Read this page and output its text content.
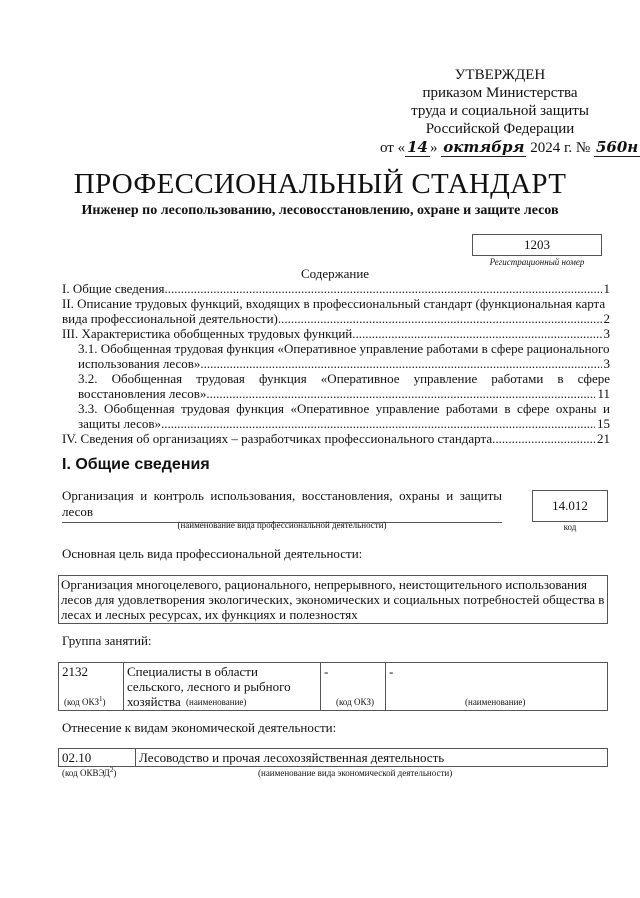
УТВЕРЖДЕН
приказом Министерства
труда и социальной защиты
Российской Федерации
от « 14 » октября 2024 г. № 560н
ПРОФЕССИОНАЛЬНЫЙ СТАНДАРТ
Инженер по лесопользованию, лесовосстановлению, охране и защите лесов
1203
Регистрационный номер
Содержание
I. Общие сведения .....	1
II. Описание трудовых функций, входящих в профессиональный стандарт (функциональная карта
вида профессиональной деятельности) .....	2
III. Характеристика обобщенных трудовых функций .....	3
3.1. Обобщенная трудовая функция «Оперативное управление работами в сфере рационального
использования лесов» .....	3
3.2. Обобщенная трудовая функция «Оперативное управление работами в сфере
восстановления лесов» .....	11
3.3. Обобщенная трудовая функция «Оперативное управление работами в сфере охраны и
защиты лесов» .....	15
IV. Сведения об организациях – разработчиках профессионального стандарта .....	21
I. Общие сведения
Организация и контроль использования, восстановления, охраны и защиты лесов
(наименование вида профессиональной деятельности)
14.012
код
Основная цель вида профессиональной деятельности:
Организация многоцелевого, рационального, непрерывного, неистощительного использования лесов для удовлетворения экологических, экономических и социальных потребностей общества в лесах и лесных ресурсах, их функциях и полезностях
Группа занятий:
2132	Специалисты в области сельского, лесного и рыбного хозяйства	-	-
(код ОКЗ$^1$)	(наименование)	(код ОКЗ)	(наименование)
Отнесение к видам экономической деятельности:
02.10	Лесоводство и прочая лесохозяйственная деятельность
(код ОКВЭД$^2$)	(наименование вида экономической деятельности)
